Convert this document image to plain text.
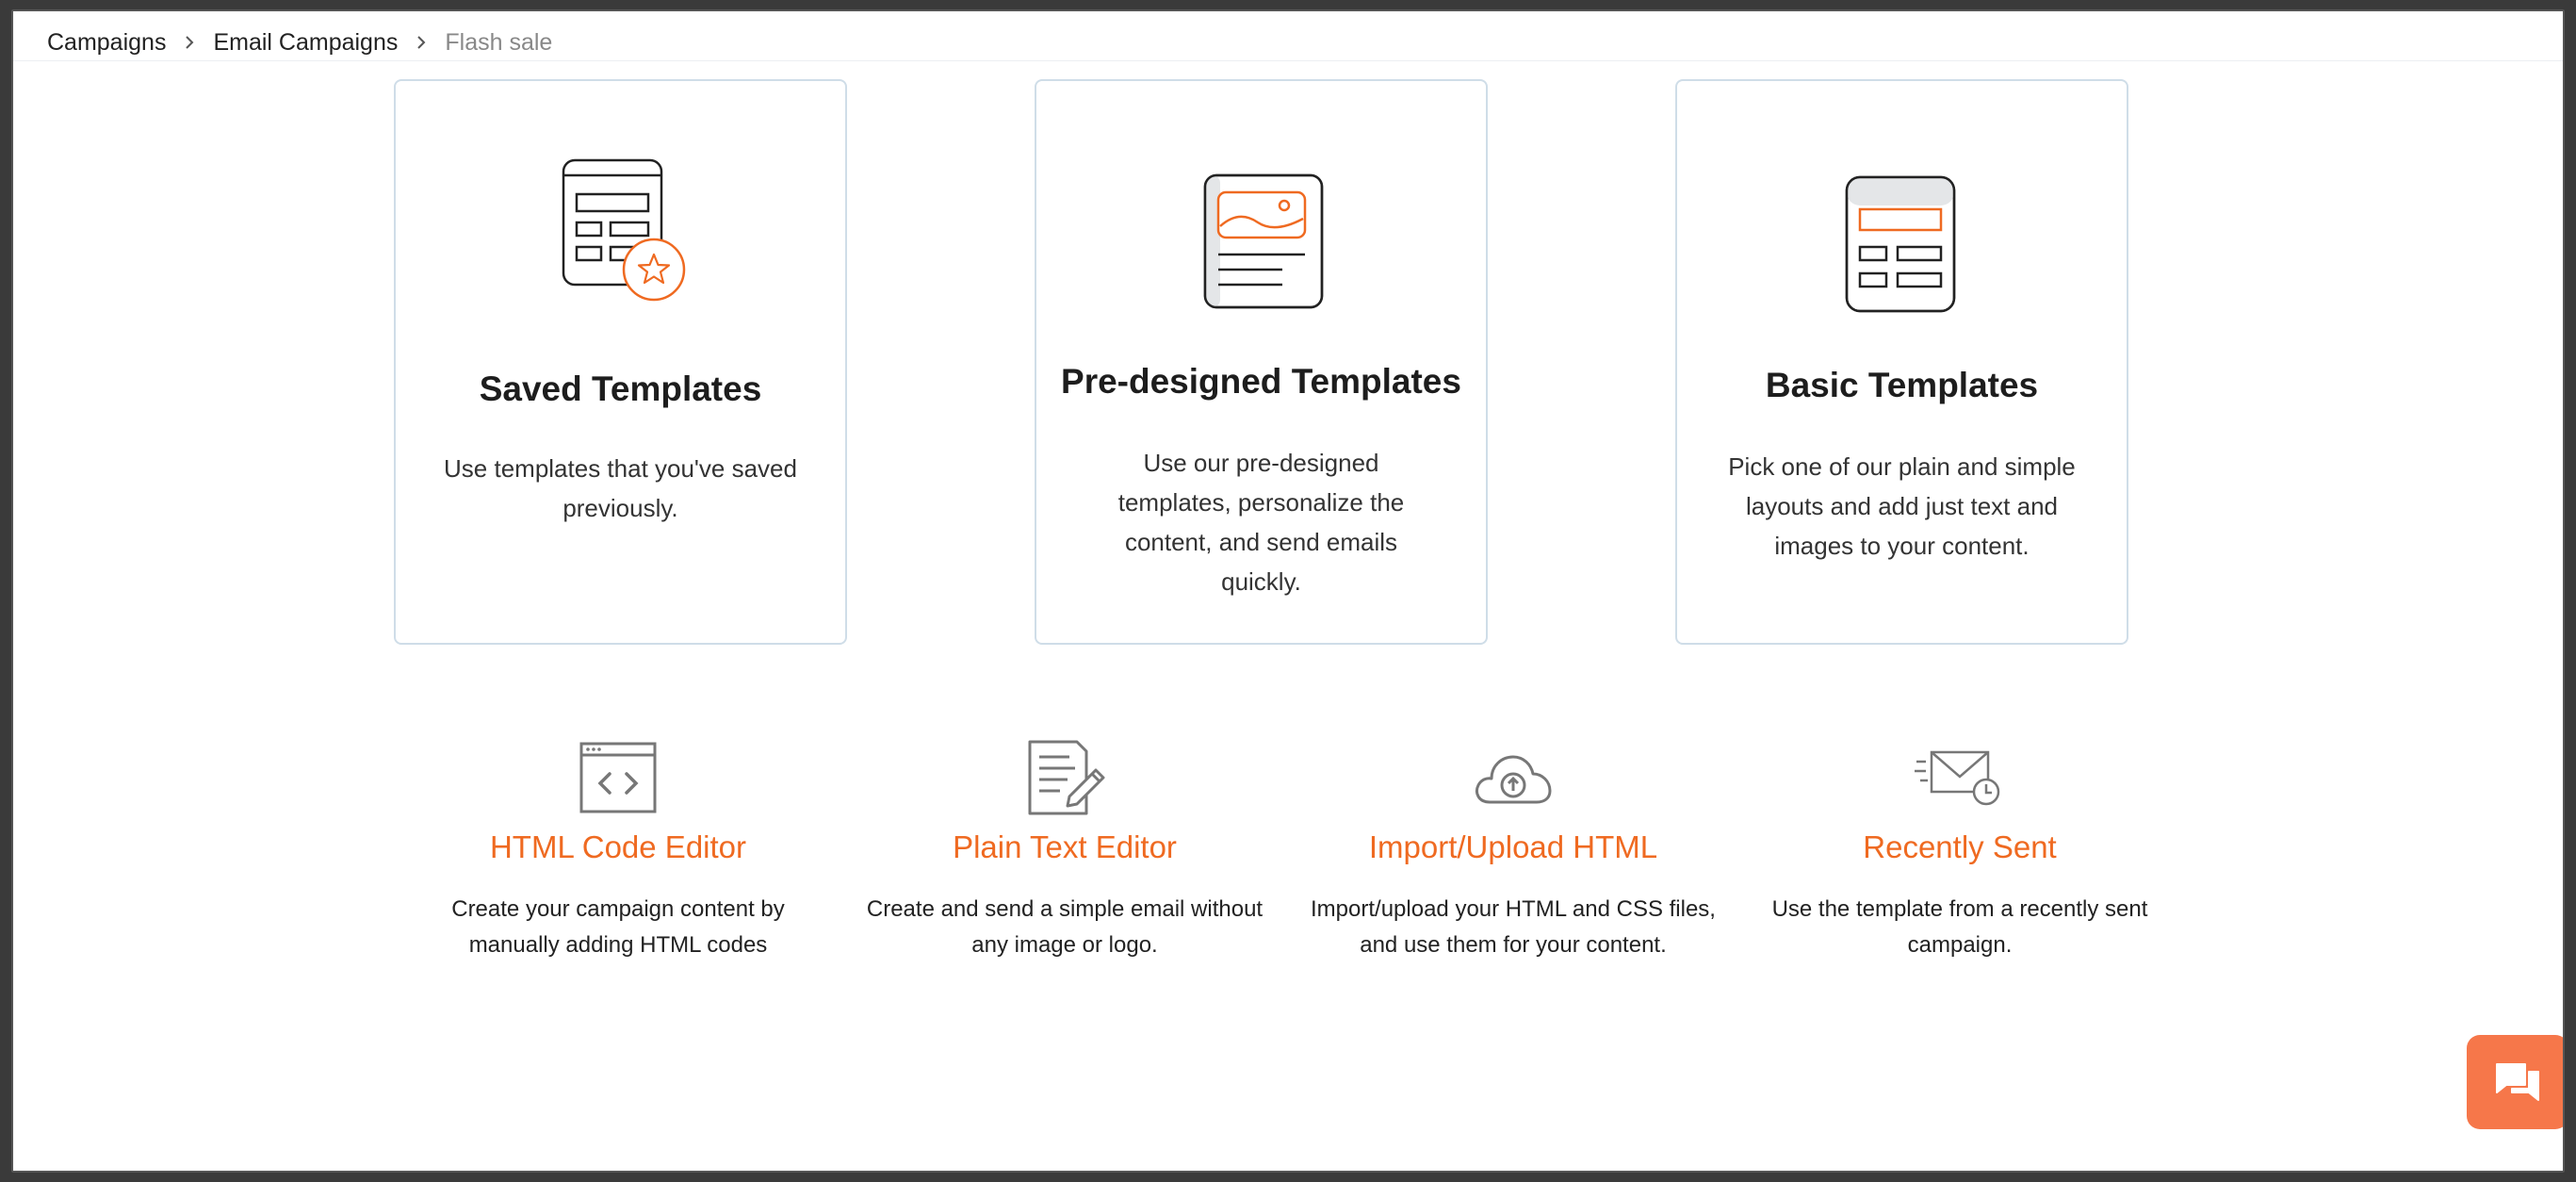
Campaigns Email Campaigns Flash sale
Saved Templates

Use templates that you've saved previously.

Pre-designed Templates

Use our pre-designed templates, personalize the content, and send emails quickly.

Basic Templates

Pick one of our plain and simple layouts and add just text and images to your content.

HTML Code Editor

Create your campaign content by manually adding HTML codes

Plain Text Editor

Create and send a simple email without any image or logo.

Import/Upload HTML

Import/upload your HTML and CSS files, and use them for your content.

Recently Sent

Use the template from a recently sent campaign.
